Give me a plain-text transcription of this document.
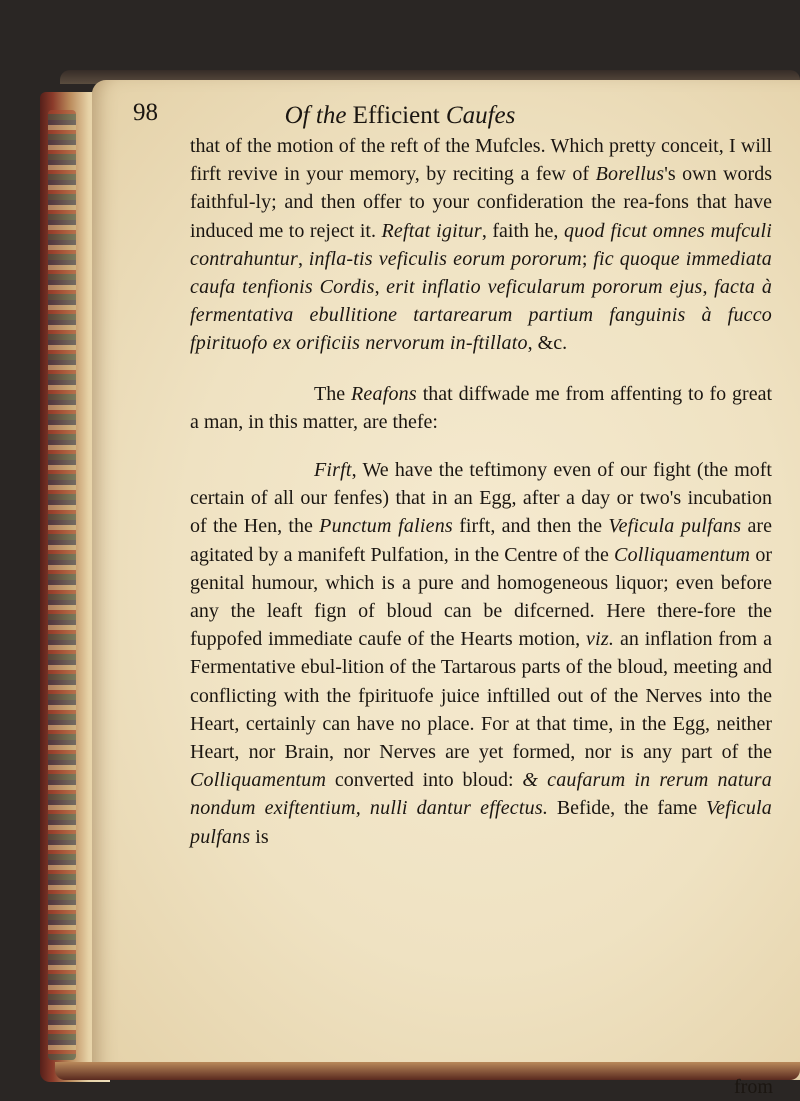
98	Of the Efficient Caufes

that of the motion of the reft of the Mufcles. Which pretty conceit, I will firft revive in your memory, by reciting a few of Borellus's own words faithful-ly; and then offer to your confideration the rea-fons that have induced me to reject it. Reftat igitur, faith he, quod ficut omnes mufculi contrahuntur, infla-tis veficulis eorum pororum; fic quoque immediata caufa tenfionis Cordis, erit inflatio veficularum pororum ejus, facta à fermentativa ebullitione tartarearum partium fanguinis à fucco fpirituofo ex orificiis nervorum in-ftillato, &c.

The Reafons that diffwade me from affenting to fo great a man, in this matter, are thefe:

Firft, We have the teftimony even of our fight (the moft certain of all our fenfes) that in an Egg, after a day or two's incubation of the Hen, the Punctum faliens firft, and then the Veficula pulfans are agitated by a manifeft Pulfation, in the Centre of the Colliquamentum or genital humour, which is a pure and homogeneous liquor; even before any the leaft fign of bloud can be difcerned. Here there-fore the fuppofed immediate caufe of the Hearts motion, viz. an inflation from a Fermentative ebul-lition of the Tartarous parts of the bloud, meeting and conflicting with the fpirituofe juice inftilled out of the Nerves into the Heart, certainly can have no place. For at that time, in the Egg, neither Heart, nor Brain, nor Nerves are yet formed, nor is any part of the Colliquamentum converted into bloud: & caufarum in rerum natura nondum exiftentium, nulli dantur effectus. Befide, the fame Veficula pulfans is

from
